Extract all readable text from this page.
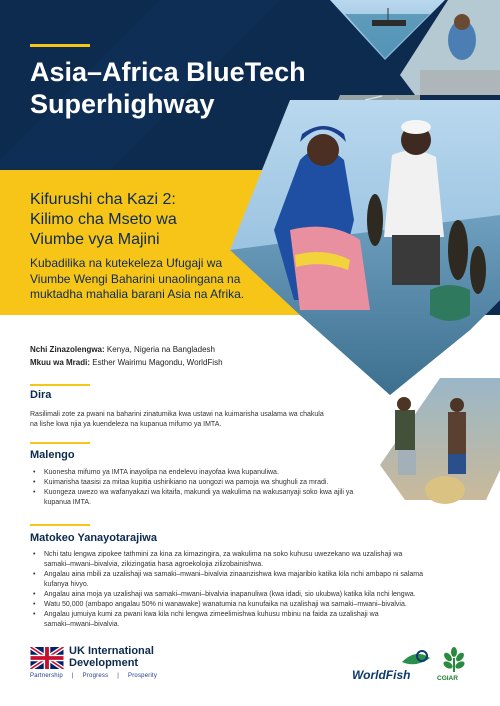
Asia–Africa BlueTech
Superhighway
Kifurushi cha Kazi 2:
Kilimo cha Mseto wa
Viumbe vya Majini
Kubadilika na kutekeleza Ufugaji wa
Viumbe Wengi Baharini unaolingana na
muktadha mahalia barani Asia na Afrika.
Nchi Zinazolengwa: Kenya, Nigeria na Bangladesh
Mkuu wa Mradi: Esther Wairimu Magondu, WorldFish
Dira
Rasilimali zote za pwani na baharini zinatumika kwa ustawi na kuimarisha usalama wa chakula
na lishe kwa njia ya kuendeleza na kupanua mifumo ya IMTA.
Malengo
• Kuonesha mifumo ya IMTA inayolipa na endelevu inayofaa kwa kupanuliwa.
• Kuimarisha taasisi za mitaa kupitia ushirikiano na uongozi wa pamoja wa shughuli za mradi.
• Kuongeza uwezo wa wafanyakazi wa kitaifa, makundi ya wakulima na wakusanyaji soko kwa ajili ya
kupanua IMTA.
Matokeo Yanayotarajiwa
• Nchi tatu lengwa zipokee tathmini za kina za kimazingira, za wakulima na soko kuhusu uwezekano wa uzalishaji wa
samaki–mwani–bivalvia, zikizingatia hasa agroekolojia zilizobainishwa.
• Angalau aina mbili za uzalishaji wa samaki–mwani–bivalvia zinaanzishwa kwa majaribio katika kila nchi ambapo ni salama
kufanya hivyo.
• Angalau aina moja ya uzalishaji wa samaki–mwani–bivalvia inapanuliwa (kwa idadi, sio ukubwa) katika kila nchi lengwa.
• Watu 50,000 (ambapo angalau 50% ni wanawake) wanatumia na kunufaika na uzalishaji wa samaki–mwani–bivalvia.
• Angalau jumuiya kumi za pwani kwa kila nchi lengwa zimeelimishwa kuhusu mbinu na faida za uzalishaji wa
samaki–mwani–bivalvia.
UK International
Development
Partnership | Progress | Prosperity	WorldFish	CGIAR
